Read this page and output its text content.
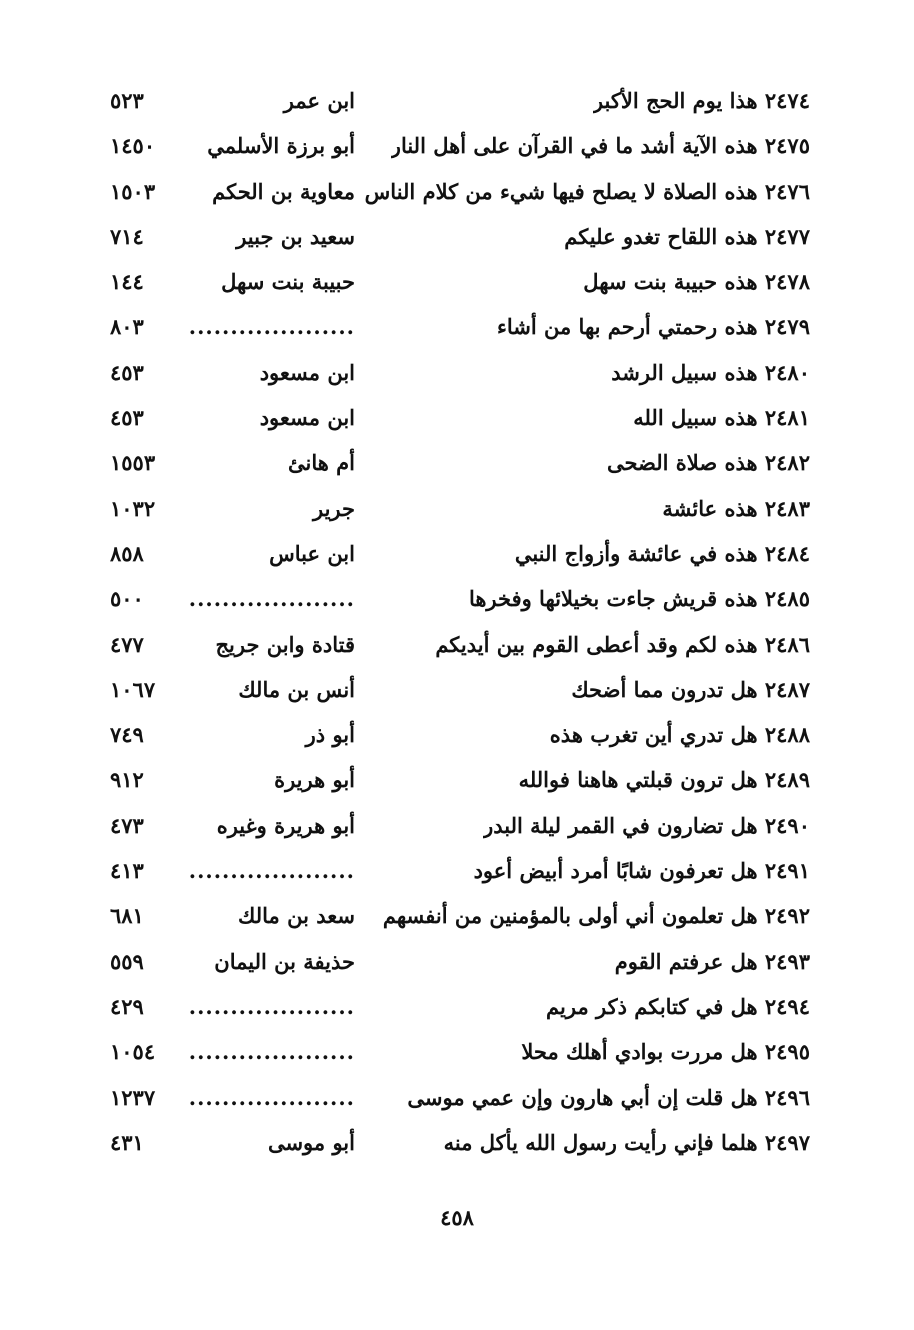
٢٤٧٤ هذا يوم الحج الأكبر
ابن عمر
٥٢٣
٢٤٧٥ هذه الآية أشد ما في القرآن على أهل النار
أبو برزة الأسلمي
١٤٥٠
٢٤٧٦ هذه الصلاة لا يصلح فيها شيء من كلام الناس
معاوية بن الحكم
١٥٠٣
٢٤٧٧ هذه اللقاح تغدو عليكم
سعيد بن جبير
٧١٤
٢٤٧٨ هذه حبيبة بنت سهل
حبيبة بنت سهل
١٤٤
٢٤٧٩ هذه رحمتي أرحم بها من أشاء
....................
٨٠٣
٢٤٨٠ هذه سبيل الرشد
ابن مسعود
٤٥٣
٢٤٨١ هذه سبيل الله
ابن مسعود
٤٥٣
٢٤٨٢ هذه صلاة الضحى
أم هانئ
١٥٥٣
٢٤٨٣ هذه عائشة
جرير
١٠٣٢
٢٤٨٤ هذه في عائشة وأزواج النبي
ابن عباس
٨٥٨
٢٤٨٥ هذه قريش جاءت بخيلائها وفخرها
....................
٥٠٠
٢٤٨٦ هذه لكم وقد أعطى القوم بين أيديكم
قتادة وابن جريج
٤٧٧
٢٤٨٧ هل تدرون مما أضحك
أنس بن مالك
١٠٦٧
٢٤٨٨ هل تدري أين تغرب هذه
أبو ذر
٧٤٩
٢٤٨٩ هل ترون قبلتي هاهنا فوالله
أبو هريرة
٩١٢
٢٤٩٠ هل تضارون في القمر ليلة البدر
أبو هريرة وغيره
٤٧٣
٢٤٩١ هل تعرفون شابًا أمرد أبيض أعود
....................
٤١٣
٢٤٩٢ هل تعلمون أني أولى بالمؤمنين من أنفسهم
سعد بن مالك
٦٨١
٢٤٩٣ هل عرفتم القوم
حذيفة بن اليمان
٥٥٩
٢٤٩٤ هل في كتابكم ذكر مريم
....................
٤٢٩
٢٤٩٥ هل مررت بوادي أهلك محلا
....................
١٠٥٤
٢٤٩٦ هل قلت إن أبي هارون وإن عمي موسى
....................
١٢٣٧
٢٤٩٧ هلما فإني رأيت رسول الله يأكل منه
أبو موسى
٤٣١
٤٥٨
